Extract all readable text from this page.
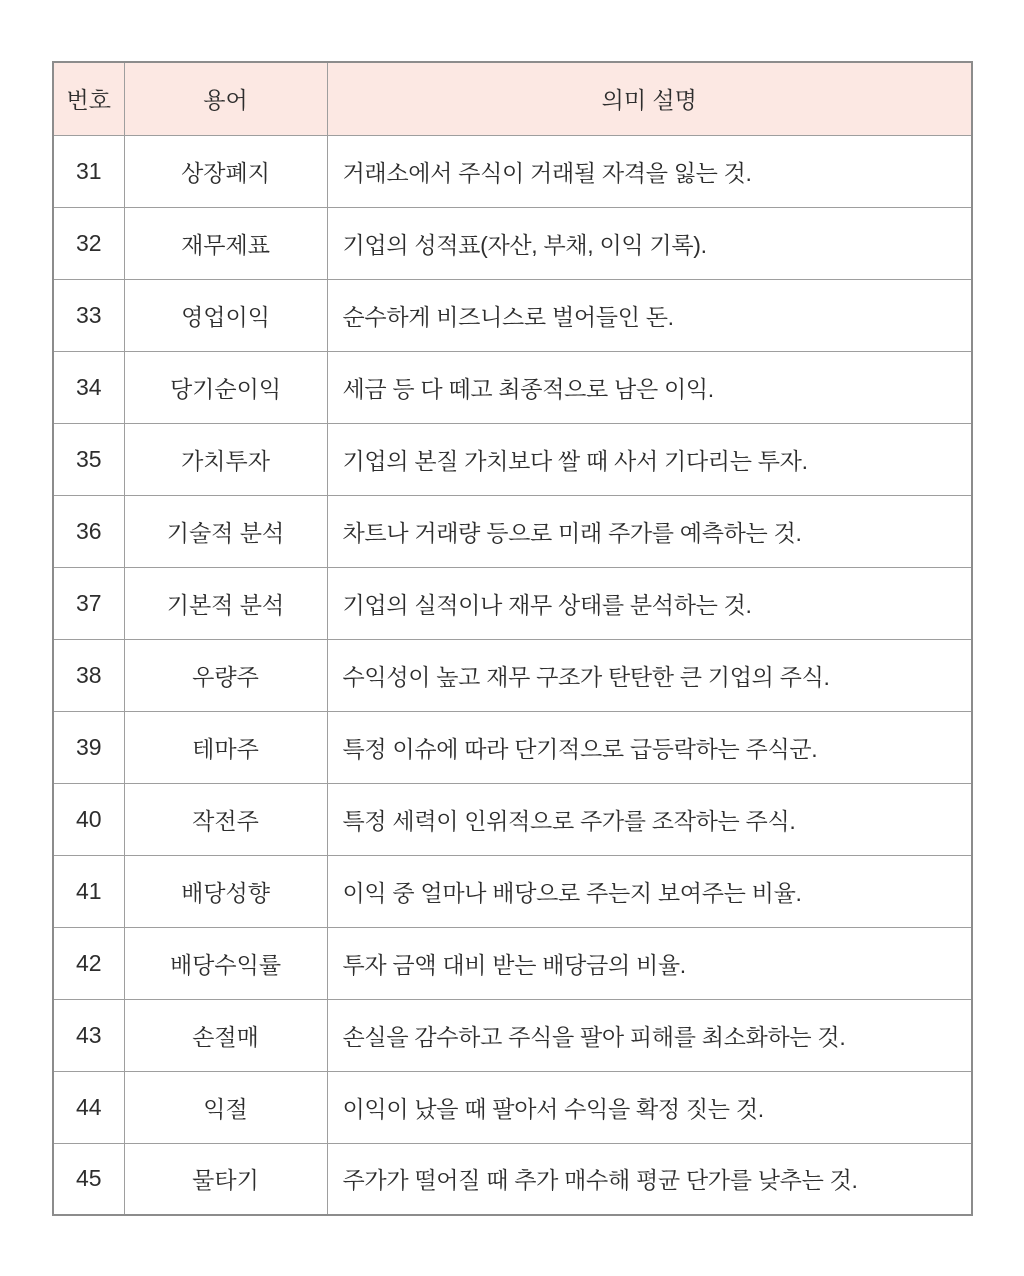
번호	용어	의미 설명
31	상장폐지	거래소에서 주식이 거래될 자격을 잃는 것.
32	재무제표	기업의 성적표(자산, 부채, 이익 기록).
33	영업이익	순수하게 비즈니스로 벌어들인 돈.
34	당기순이익	세금 등 다 떼고 최종적으로 남은 이익.
35	가치투자	기업의 본질 가치보다 쌀 때 사서 기다리는 투자.
36	기술적 분석	차트나 거래량 등으로 미래 주가를 예측하는 것.
37	기본적 분석	기업의 실적이나 재무 상태를 분석하는 것.
38	우량주	수익성이 높고 재무 구조가 탄탄한 큰 기업의 주식.
39	테마주	특정 이슈에 따라 단기적으로 급등락하는 주식군.
40	작전주	특정 세력이 인위적으로 주가를 조작하는 주식.
41	배당성향	이익 중 얼마나 배당으로 주는지 보여주는 비율.
42	배당수익률	투자 금액 대비 받는 배당금의 비율.
43	손절매	손실을 감수하고 주식을 팔아 피해를 최소화하는 것.
44	익절	이익이 났을 때 팔아서 수익을 확정 짓는 것.
45	물타기	주가가 떨어질 때 추가 매수해 평균 단가를 낮추는 것.
